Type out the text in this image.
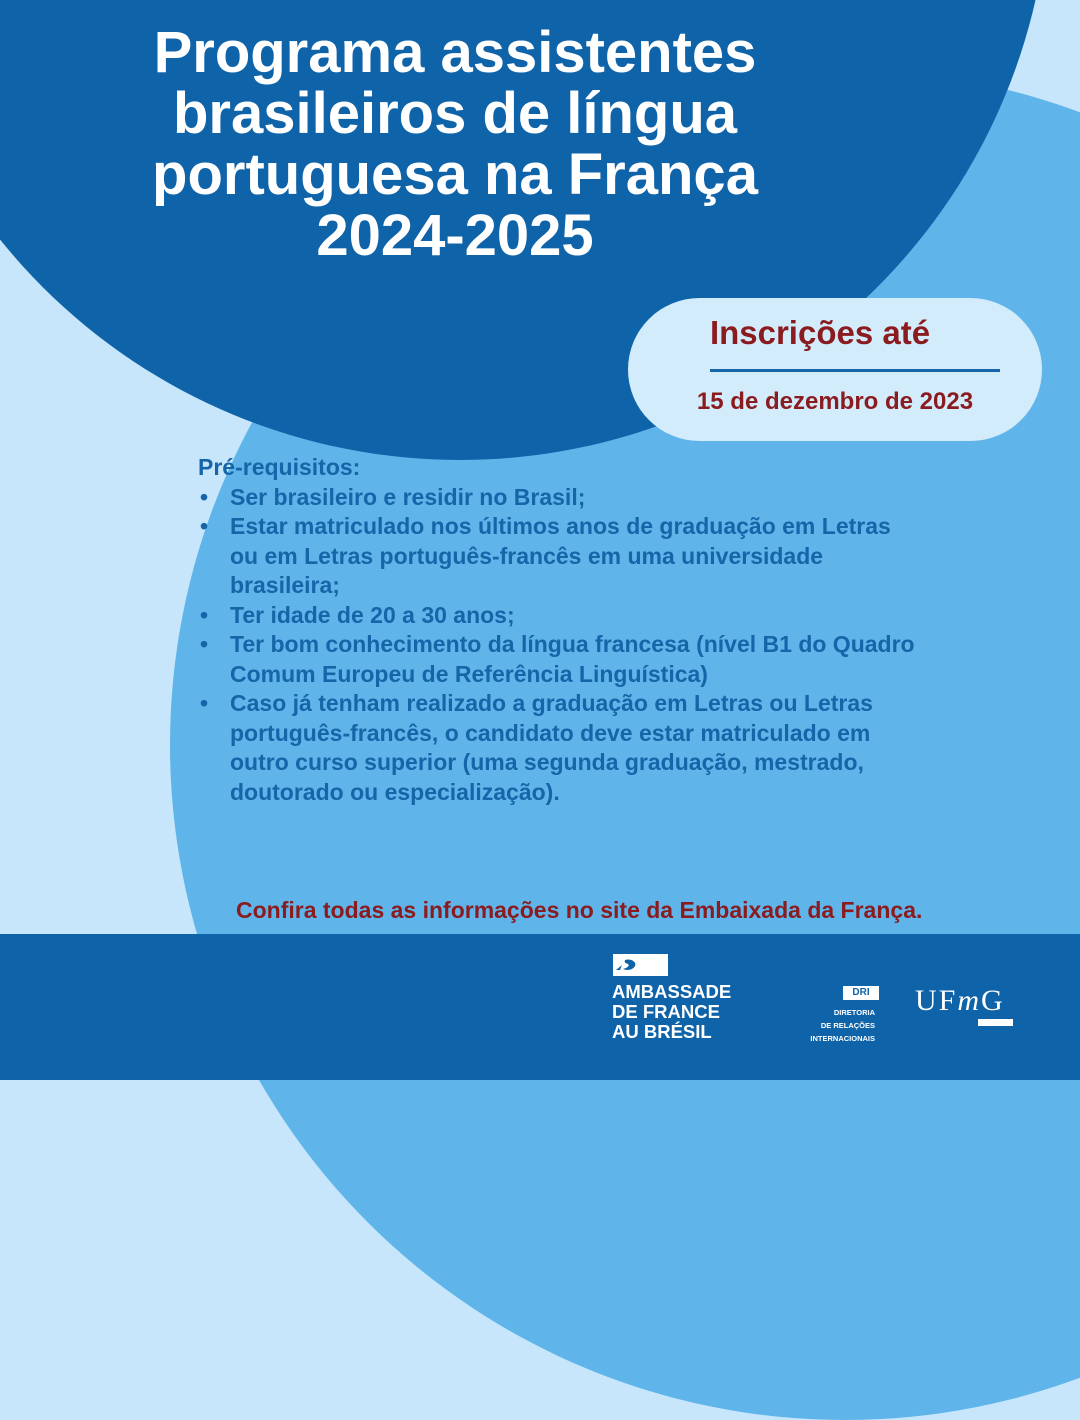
Programa assistentes
brasileiros de língua
portuguesa na França
2024-2025
Inscrições até
15 de dezembro de 2023
Pré-requisitos:
• Ser brasileiro e residir no Brasil;
• Estar matriculado nos últimos anos de graduação em Letras
ou em Letras português-francês em uma universidade
brasileira;
• Ter idade de 20 a 30 anos;
• Ter bom conhecimento da língua francesa (nível B1 do Quadro
Comum Europeu de Referência Linguística)
• Caso já tenham realizado a graduação em Letras ou Letras
português-francês, o candidato deve estar matriculado em
outro curso superior (uma segunda graduação, mestrado,
doutorado ou especialização).
Confira todas as informações no site da Embaixada da França.
AMBASSADE
DE FRANCE
AU BRÉSIL
DRI
DIRETORIA
DE RELAÇÕES
INTERNACIONAIS
UFmG
